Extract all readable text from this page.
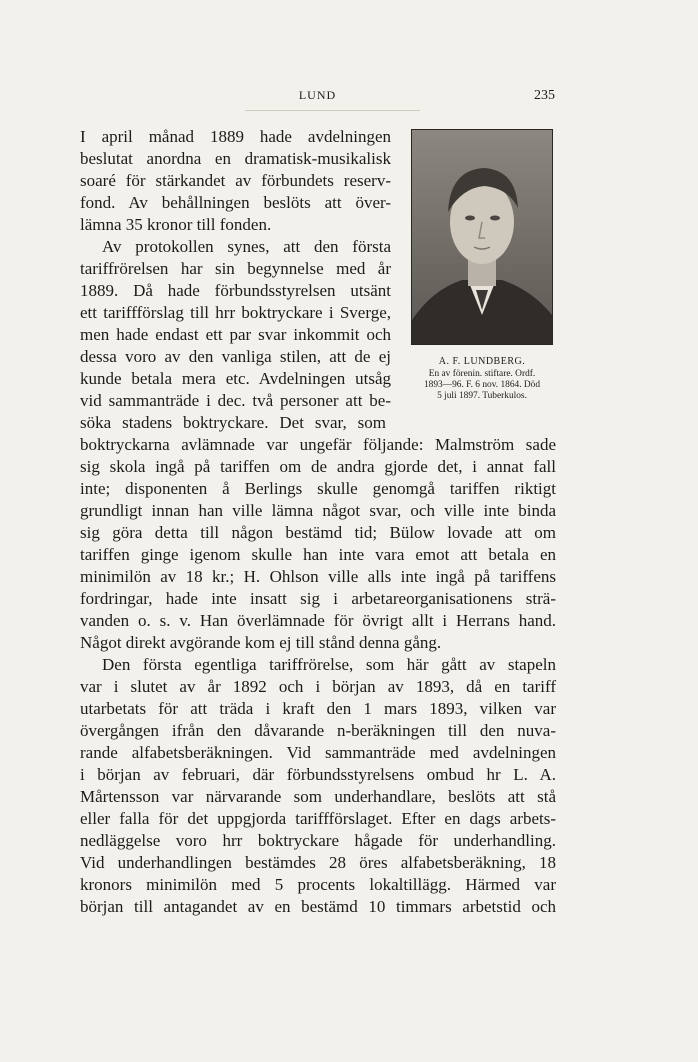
LUND	235
A. F. LUNDBERG.
En av förenin. stiftare. Ordf.
1893—96. F. 6 nov. 1864. Död
5 juli 1897. Tuberkulos.
I april månad 1889 hade avdelningen
beslutat anordna en dramatisk-musikalisk
soaré för stärkandet av förbundets reserv-
fond. Av behållningen beslöts att över-
lämna 35 kronor till fonden.
Av protokollen synes, att den första
tariffrörelsen har sin begynnelse med år
1889. Då hade förbundsstyrelsen utsänt
ett tariffförslag till hrr boktryckare i Sverge,
men hade endast ett par svar inkommit och
dessa voro av den vanliga stilen, att de ej
kunde betala mera etc. Avdelningen utsåg
vid sammanträde i dec. två personer att be-
söka stadens boktryckare. Det svar, som
boktryckarna avlämnade var ungefär följande: Malmström sade
sig skola ingå på tariffen om de andra gjorde det, i annat fall
inte; disponenten å Berlings skulle genomgå tariffen riktigt
grundligt innan han ville lämna något svar, och ville inte binda
sig göra detta till någon bestämd tid; Bülow lovade att om
tariffen ginge igenom skulle han inte vara emot att betala en
minimilön av 18 kr.; H. Ohlson ville alls inte ingå på tariffens
fordringar, hade inte insatt sig i arbetareorganisationens strä-
vanden o. s. v. Han överlämnade för övrigt allt i Herrans hand.
Något direkt avgörande kom ej till stånd denna gång.
Den första egentliga tariffrörelse, som här gått av stapeln
var i slutet av år 1892 och i början av 1893, då en tariff
utarbetats för att träda i kraft den 1 mars 1893, vilken var
övergången ifrån den dåvarande n-beräkningen till den nuva-
rande alfabetsberäkningen. Vid sammanträde med avdelningen
i början av februari, där förbundsstyrelsens ombud hr L. A.
Mårtensson var närvarande som underhandlare, beslöts att stå
eller falla för det uppgjorda tariffförslaget. Efter en dags arbets-
nedläggelse voro hrr boktryckare hågade för underhandling.
Vid underhandlingen bestämdes 28 öres alfabetsberäkning, 18
kronors minimilön med 5 procents lokaltillägg. Härmed var
början till antagandet av en bestämd 10 timmars arbetstid och
